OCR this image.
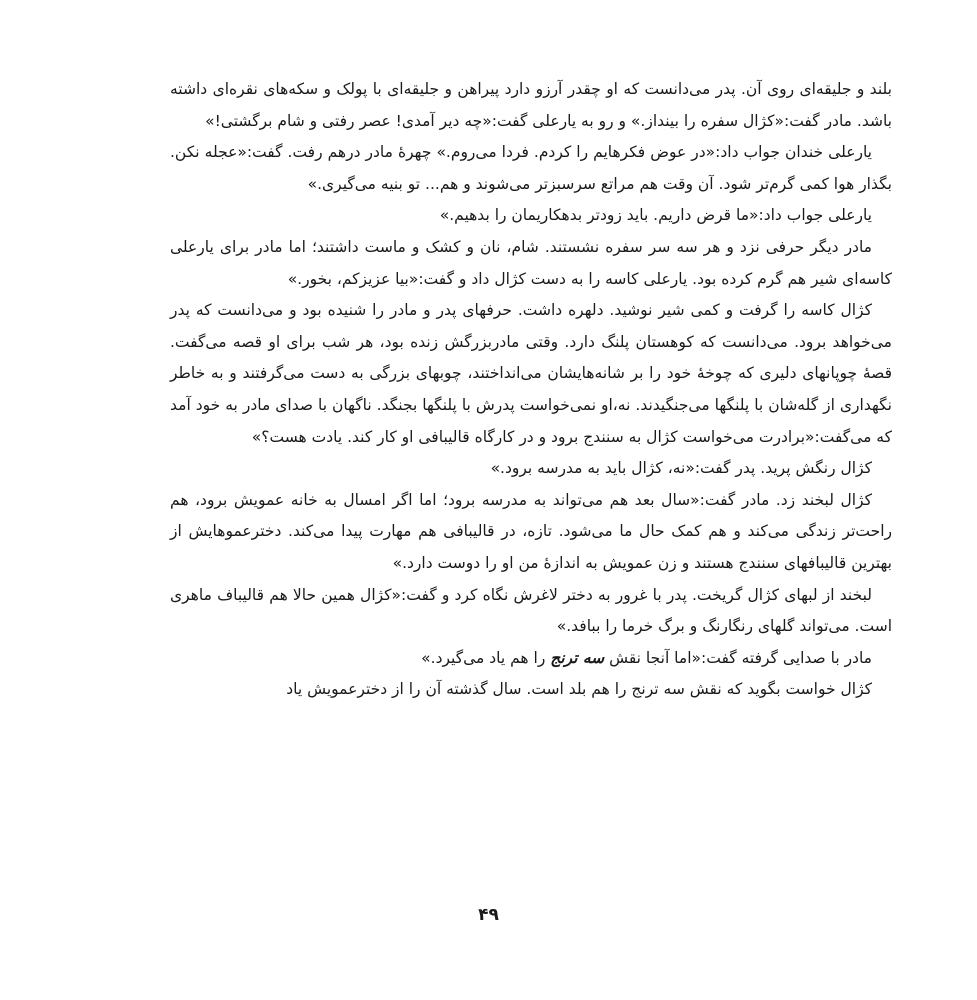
بلند و جلیقه‌ای روی آن. پدر می‌دانست که او چقدر آرزو دارد پیراهن و جلیقه‌ای با پولک و سکه‌های نقره‌ای داشته باشد. مادر گفت:«کژال سفره را بینداز.» و رو به یارعلی گفت:«چه دیر آمدی! عصر رفتی و شام برگشتی!»

یارعلی خندان جواب داد:«در عوض فکرهایم را کردم. فردا می‌روم.» چهرهٔ مادر درهم رفت. گفت:«عجله نکن. بگذار هوا کمی گرم‌تر شود. آن وقت هم مراتع سرسبزتر می‌شوند و هم... تو بنیه می‌گیری.»

یارعلی جواب داد:«ما قرض داریم. باید زودتر بدهکاریمان را بدهیم.»

مادر دیگر حرفی نزد و هر سه سر سفره نشستند. شام، نان و کشک و ماست داشتند؛ اما مادر برای یارعلی کاسه‌ای شیر هم گرم کرده بود. یارعلی کاسه را به دست کژال داد و گفت:«بیا عزیزکم، بخور.»

کژال کاسه را گرفت و کمی شیر نوشید. دلهره داشت. حرفهای پدر و مادر را شنیده بود و می‌دانست که پدر می‌خواهد برود. می‌دانست که کوهستان پلنگ دارد. وقتی مادربزرگش زنده بود، هر شب برای او قصه می‌گفت. قصهٔ چوپانهای دلیری که چوخهٔ خود را بر شانه‌هایشان می‌انداختند، چوبهای بزرگی به دست می‌گرفتند و به خاطر نگهداری از گله‌شان با پلنگها می‌جنگیدند. نه،او نمی‌خواست پدرش با پلنگها بجنگد. ناگهان با صدای مادر به خود آمد که می‌گفت:«برادرت می‌خواست کژال به سنندج برود و در کارگاه قالیبافی او کار کند. یادت هست؟»

کژال رنگش پرید. پدر گفت:«نه، کژال باید به مدرسه برود.»

کژال لبخند زد. مادر گفت:«سال بعد هم می‌تواند به مدرسه برود؛ اما اگر امسال به خانه عمویش برود، هم راحت‌تر زندگی می‌کند و هم کمک حال ما می‌شود. تازه، در قالیبافی هم مهارت پیدا می‌کند. دخترعموهایش از بهترین قالیبافهای سنندج هستند و زن عمویش به اندازهٔ من او را دوست دارد.»

لبخند از لبهای کژال گریخت. پدر با غرور به دختر لاغرش نگاه کرد و گفت:«کژال همین حالا هم قالیباف ماهری است. می‌تواند گلهای رنگارنگ و برگ خرما را ببافد.»

مادر با صدایی گرفته گفت:«اما آنجا نقش سه ترنج را هم یاد می‌گیرد.»

کژال خواست بگوید که نقش سه ترنج را هم بلد است. سال گذشته آن را از دخترعمویش یاد

۴۹
